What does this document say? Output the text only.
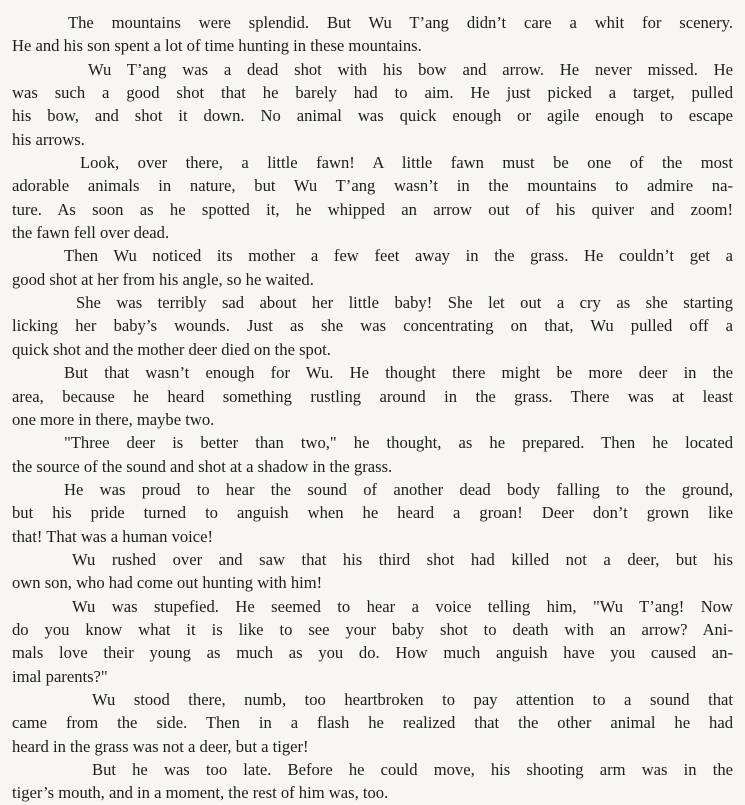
The mountains were splendid. But Wu T’ang didn’t care a whit for scenery.
He and his son spent a lot of time hunting in these mountains.
Wu T’ang was a dead shot with his bow and arrow. He never missed. He
was such a good shot that he barely had to aim. He just picked a target, pulled
his bow, and shot it down. No animal was quick enough or agile enough to escape
his arrows.
Look, over there, a little fawn! A little fawn must be one of the most
adorable animals in nature, but Wu T’ang wasn’t in the mountains to admire na-
ture. As soon as he spotted it, he whipped an arrow out of his quiver and zoom!
the fawn fell over dead.
Then Wu noticed its mother a few feet away in the grass. He couldn’t get a
good shot at her from his angle, so he waited.
She was terribly sad about her little baby! She let out a cry as she starting
licking her baby’s wounds. Just as she was concentrating on that, Wu pulled off a
quick shot and the mother deer died on the spot.
But that wasn’t enough for Wu. He thought there might be more deer in the
area, because he heard something rustling around in the grass. There was at least
one more in there, maybe two.
"Three deer is better than two," he thought, as he prepared. Then he located
the source of the sound and shot at a shadow in the grass.
He was proud to hear the sound of another dead body falling to the ground,
but his pride turned to anguish when he heard a groan! Deer don’t grown like
that! That was a human voice!
Wu rushed over and saw that his third shot had killed not a deer, but his
own son, who had come out hunting with him!
Wu was stupefied. He seemed to hear a voice telling him, "Wu T’ang! Now
do you know what it is like to see your baby shot to death with an arrow? Ani-
mals love their young as much as you do. How much anguish have you caused an-
imal parents?"
Wu stood there, numb, too heartbroken to pay attention to a sound that
came from the side. Then in a flash he realized that the other animal he had
heard in the grass was not a deer, but a tiger!
But he was too late. Before he could move, his shooting arm was in the
tiger’s mouth, and in a moment, the rest of him was, too.
